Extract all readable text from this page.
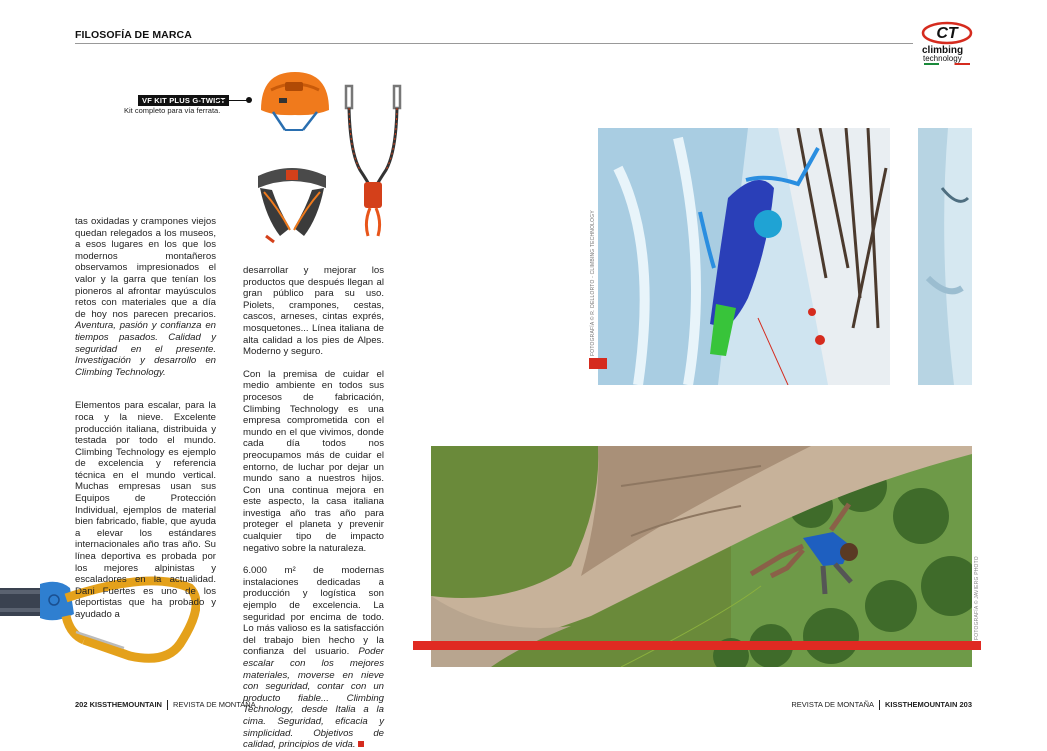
FILOSOFÍA DE MARCA	CT
climbing
technology
VF KIT PLUS G-TWIST
Kit completo para vía ferrata.

tas oxidadas y crampones viejos quedan relegados a los museos, a esos lugares en los que los modernos montañeros observamos impresionados el valor y la garra que tenían los pioneros al afrontar mayúsculos retos con materiales que a día de hoy nos parecen precarios. Aventura, pasión y confianza en tiempos pasados. Calidad y seguridad en el presente. Investigación y desarrollo en Climbing Technology.

Elementos para escalar, para la roca y la nieve. Excelente producción italiana, distribuida y testada por todo el mundo. Climbing Technology es ejemplo de excelencia y referencia técnica en el mundo vertical. Muchas empresas usan sus Equipos de Protección Individual, ejemplos de material bien fabricado, fiable, que ayuda a elevar los estándares internacionales año tras año. Su línea deportiva es probada por los mejores alpinistas y escaladores en la actualidad. Dani Fuertes es uno de los deportistas que ha probado y ayudado a

desarrollar y mejorar los productos que después llegan al gran público para su uso. Piolets, crampones, cestas, cascos, arneses, cintas exprés, mosquetones... Línea italiana de alta calidad a los pies de Alpes. Moderno y seguro.

Con la premisa de cuidar el medio ambiente en todos sus procesos de fabricación, Climbing Technology es una empresa comprometida con el mundo en el que vivimos, donde cada día todos nos preocupamos más de cuidar el entorno, de luchar por dejar un mundo sano a nuestros hijos. Con una continua mejora en este aspecto, la casa italiana investiga año tras año para proteger el planeta y prevenir cualquier tipo de impacto negativo sobre la naturaleza.

6.000 m² de modernas instalaciones dedicadas a producción y logística son ejemplo de excelencia. La seguridad por encima de todo. Lo más valioso es la satisfacción del trabajo bien hecho y la confianza del usuario. Poder escalar con los mejores materiales, moverse en nieve con seguridad, contar con un producto fiable... Climbing Technology, desde Italia a la cima. Seguridad, eficacia y simplicidad. Objetivos de calidad, principios de vida.

FOTOGRAFÍA © R. DELLORTO - CLIMBING TECHNOLOGY
FOTOGRAFÍA © JAVIERG PHOTO
202 KISSTHEMOUNTAIN REVISTA DE MONTAÑA	REVISTA DE MONTAÑA KISSTHEMOUNTAIN 203
